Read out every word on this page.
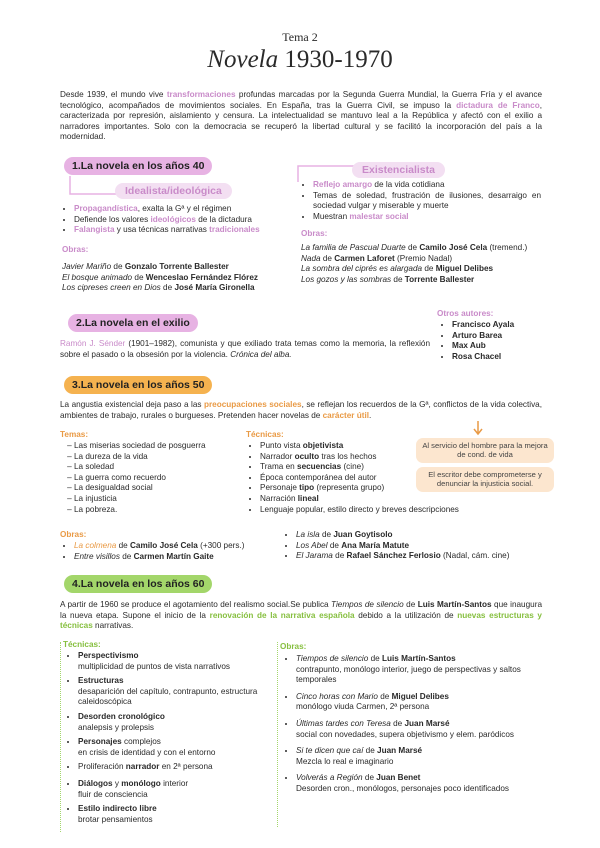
Tema 2
Novela 1930-1970
Desde 1939, el mundo vive transformaciones profundas marcadas por la Segunda Guerra Mundial, la Guerra Fría y el avance tecnológico, acompañados de movimientos sociales. En España, tras la Guerra Civil, se impuso la dictadura de Franco, caracterizada por represión, aislamiento y censura. La intelectualidad se mantuvo leal a la República y afectó con el exilio a narradores importantes. Solo con la democracia se recuperó la libertad cultural y se facilitó la incorporación del país a la modernidad.
1.La novela en los años 40
Idealista/ideológica
• Propagandística, exalta la Gª y el régimen
• Defiende los valores ideológicos de la dictadura
• Falangista y usa técnicas narrativas tradicionales
Obras:
Javier Mariño de Gonzalo Torrente Ballester
El bosque animado de Wenceslao Fernández Flórez
Los cipreses creen en Dios de José María Gironella
Existencialista
• Reflejo amargo de la vida cotidiana
• Temas de soledad, frustración de ilusiones, desarraigo en sociedad vulgar y miserable y muerte
• Muestran malestar social
Obras:
La familia de Pascual Duarte de Camilo José Cela (tremend.)
Nada de Carmen Laforet (Premio Nadal)
La sombra del ciprés es alargada de Miguel Delibes
Los gozos y las sombras de Torrente Ballester
2.La novela en el exilio
Ramón J. Sénder (1901–1982), comunista y que exiliado trata temas como la memoria, la reflexión sobre el pasado o la obsesión por la violencia. Crónica del alba.
Otros autores:
• Francisco Ayala
• Arturo Barea
• Max Aub
• Rosa Chacel
3.La novela en los años 50
La angustia existencial deja paso a las preocupaciones sociales, se reflejan los recuerdos de la Gª, conflictos de la vida colectiva, ambientes de trabajo, rurales o burgueses. Pretenden hacer novelas de carácter útil.
Temas:
• Las miserias sociedad de posguerra
• La dureza de la vida
• La soledad
• La guerra como recuerdo
• La desigualdad social
• La injusticia
• La pobreza.
Técnicas:
• Punto vista objetivista
• Narrador oculto tras los hechos
• Trama en secuencias (cine)
• Época contemporánea del autor
• Personaje tipo (representa grupo)
• Narración lineal
• Lenguaje popular, estilo directo y breves descripciones
Al servicio del hombre para la mejora de cond. de vida
El escritor debe comprometerse y denunciar la injusticia social.
Obras:
• La colmena de Camilo José Cela (+300 pers.)
• Entre visillos de Carmen Martín Gaite
• La isla de Juan Goytisolo
• Los Abel de Ana María Matute
• El Jarama de Rafael Sánchez Ferlosio (Nadal, cám. cine)
4.La novela en los años 60
A partir de 1960 se produce el agotamiento del realismo social.Se publica Tiempos de silencio de Luis Martín-Santos que inaugura la nueva etapa. Supone el inicio de la renovación de la narrativa española debido a la utilización de nuevas estructuras y técnicas narrativas.
Técnicas:
• Perspectivismo
multiplicidad de puntos de vista narrativos
• Estructuras
desaparición del capítulo, contrapunto, estructura caleidoscópica
• Desorden cronológico
analepsis y prolepsis
• Personajes complejos
en crisis de identidad y con el entorno
• Proliferación narrador en 2ª persona
• Diálogos y monólogo interior
fluir de consciencia
• Estilo indirecto libre
brotar pensamientos
Obras:
• Tiempos de silencio de Luis Martín-Santos
contrapunto, monólogo interior, juego de perspectivas y saltos temporales
• Cinco horas con Mario de Miguel Delibes
monólogo viuda Carmen, 2ª persona
• Últimas tardes con Teresa de Juan Marsé
social con novedades, supera objetivismo y elem. paródicos
• Si te dicen que caí de Juan Marsé
Mezcla lo real e imaginario
• Volverás a Región de Juan Benet
Desorden cron., monólogos, personajes poco identificados
